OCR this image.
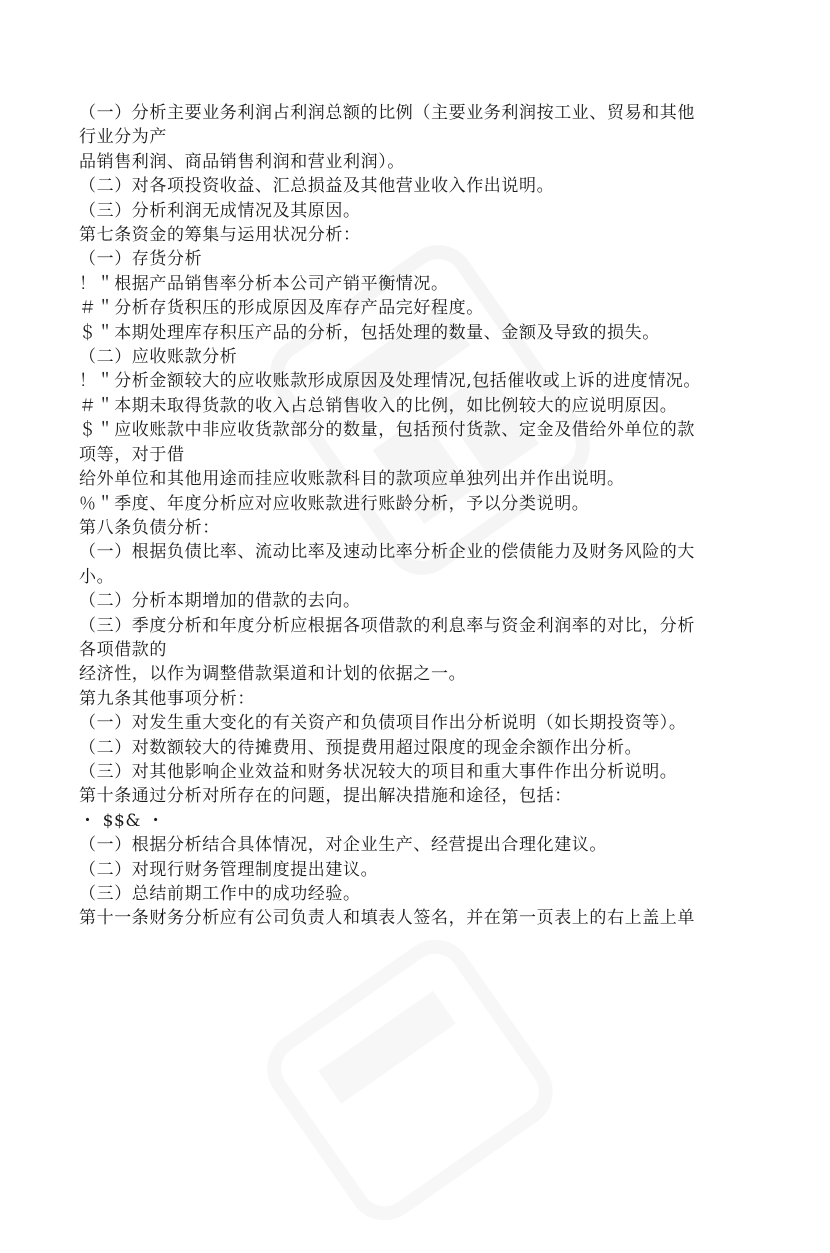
（一）分析主要业务利润占利润总额的比例（主要业务利润按工业、贸易和其他
行业分为产
品销售利润、商品销售利润和营业利润）。
（二）对各项投资收益、汇总损益及其他营业收入作出说明。
（三）分析利润无成情况及其原因。
第七条资金的筹集与运用状况分析：
（一）存货分析
！＂根据产品销售率分析本公司产销平衡情况。
＃＂分析存货积压的形成原因及库存产品完好程度。
＄＂本期处理库存积压产品的分析，包括处理的数量、金额及导致的损失。
（二）应收账款分析
！＂分析金额较大的应收账款形成原因及处理情况,包括催收或上诉的进度情况。
＃＂本期未取得货款的收入占总销售收入的比例，如比例较大的应说明原因。
＄＂应收账款中非应收货款部分的数量，包括预付货款、定金及借给外单位的款
项等，对于借
给外单位和其他用途而挂应收账款科目的款项应单独列出并作出说明。
％＂季度、年度分析应对应收账款进行账龄分析，予以分类说明。
第八条负债分析：
（一）根据负债比率、流动比率及速动比率分析企业的偿债能力及财务风险的大
小。
（二）分析本期增加的借款的去向。
（三）季度分析和年度分析应根据各项借款的利息率与资金利润率的对比，分析
各项借款的
经济性，以作为调整借款渠道和计划的依据之一。
第九条其他事项分析：
（一）对发生重大变化的有关资产和负债项目作出分析说明（如长期投资等）。
（二）对数额较大的待摊费用、预提费用超过限度的现金余额作出分析。
（三）对其他影响企业效益和财务状况较大的项目和重大事件作出分析说明。
第十条通过分析对所存在的问题，提出解决措施和途径，包括：
・ $$& ・
（一）根据分析结合具体情况，对企业生产、经营提出合理化建议。
（二）对现行财务管理制度提出建议。
（三）总结前期工作中的成功经验。
第十一条财务分析应有公司负责人和填表人签名，并在第一页表上的右上盖上单
